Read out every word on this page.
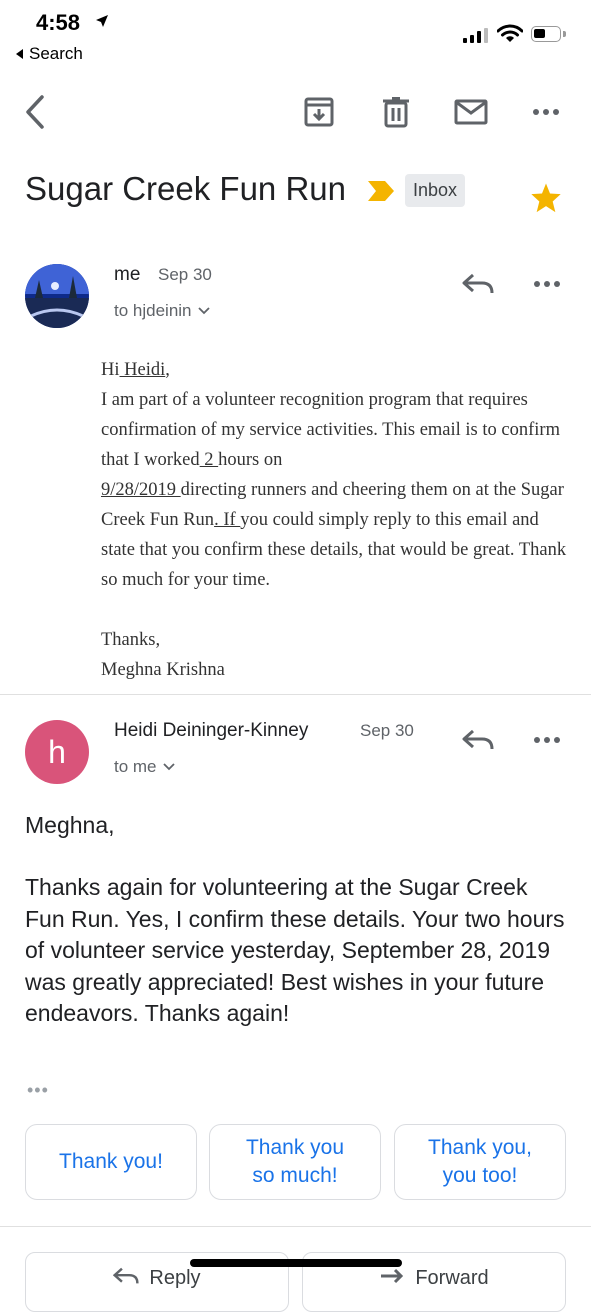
4:58
Search
Sugar Creek Fun Run	Inbox
me Sep 30
to hjdeinin
Hi Heidi,
I am part of a volunteer recognition program that requires confirmation of my service activities. This email is to confirm that I worked 2 hours on
9/28/2019 directing runners and cheering them on at the Sugar Creek Fun Run. If you could simply reply to this email and state that you confirm these details, that would be great. Thank so much for your time.
Thanks,
Meghna Krishna
h
Heidi Deininger-Kinney	Sep 30
to me
Meghna,
Thanks again for volunteering at the Sugar Creek Fun Run. Yes, I confirm these details. Your two hours of volunteer service yesterday, September 28, 2019 was greatly appreciated! Best wishes in your future endeavors. Thanks again!
•••
Thank you!
Thank you so much!
Thank you, you too!
Reply	Forward
